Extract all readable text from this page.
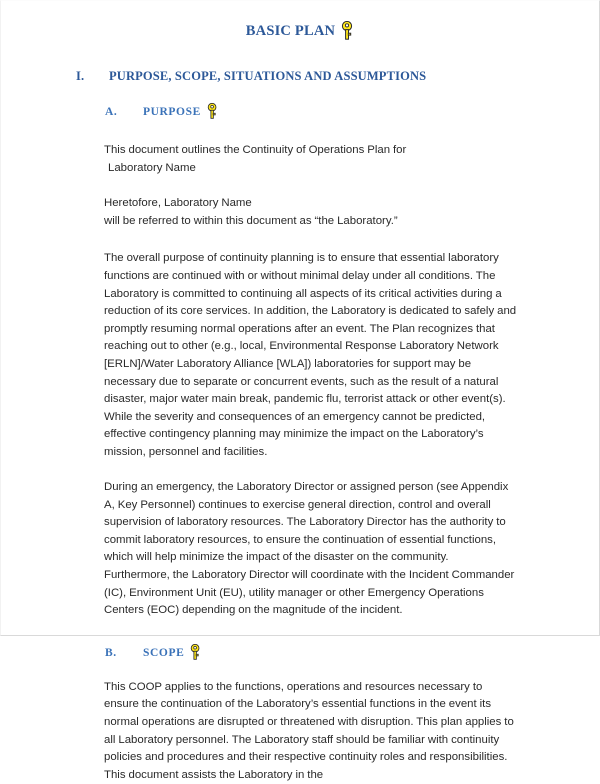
BASIC PLAN
I.	PURPOSE, SCOPE, SITUATIONS AND ASSUMPTIONS
A.	PURPOSE

This document outlines the Continuity of Operations Plan for

Laboratory Name

Heretofore, Laboratory Name

will be referred to within this document as “the Laboratory.”

The overall purpose of continuity planning is to ensure that essential laboratory functions are continued with or without minimal delay under all conditions. The Laboratory is committed to continuing all aspects of its critical activities during a reduction of its core services. In addition, the Laboratory is dedicated to safely and promptly resuming normal operations after an event. The Plan recognizes that reaching out to other (e.g., local, Environmental Response Laboratory Network [ERLN]/Water Laboratory Alliance [WLA]) laboratories for support may be necessary due to separate or concurrent events, such as the result of a natural disaster, major water main break, pandemic flu, terrorist attack or other event(s). While the severity and consequences of an emergency cannot be predicted, effective contingency planning may minimize the impact on the Laboratory’s mission, personnel and facilities.

During an emergency, the Laboratory Director or assigned person (see Appendix A, Key Personnel) continues to exercise general direction, control and overall supervision of laboratory resources. The Laboratory Director has the authority to commit laboratory resources, to ensure the continuation of essential functions, which will help minimize the impact of the disaster on the community. Furthermore, the Laboratory Director will coordinate with the Incident Commander (IC), Environment Unit (EU), utility manager or other Emergency Operations Centers (EOC) depending on the magnitude of the incident.

B.	SCOPE

This COOP applies to the functions, operations and resources necessary to ensure the continuation of the Laboratory’s essential functions in the event its normal operations are disrupted or threatened with disruption. This plan applies to all Laboratory personnel. The Laboratory staff should be familiar with continuity policies and procedures and their respective continuity roles and responsibilities. This document assists the Laboratory in the
